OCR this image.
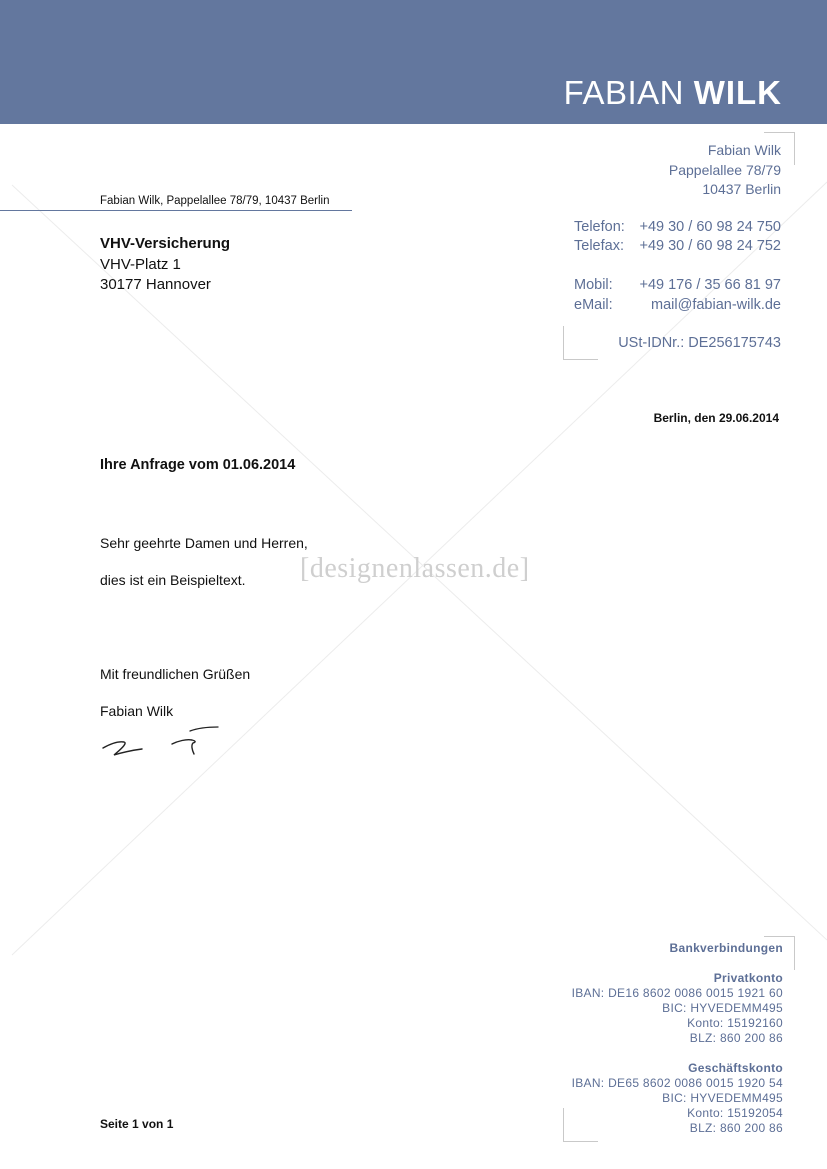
[designenlassen.de]
FABIAN WILK
Fabian Wilk
Pappelallee 78/79
10437 Berlin
Telefon: +49 30 / 60 98 24 750
Telefax: +49 30 / 60 98 24 752
Mobil: +49 176 / 35 66 81 97
eMail:	mail@fabian-wilk.de
USt-IDNr.: DE256175743
Fabian Wilk, Pappelallee 78/79, 10437 Berlin
VHV-Versicherung
VHV-Platz 1
30177 Hannover
Berlin, den 29.06.2014
Ihre Anfrage vom 01.06.2014
Sehr geehrte Damen und Herren,
dies ist ein Beispieltext.
Mit freundlichen Grüßen
Fabian Wilk
Bankverbindungen
Privatkonto
IBAN: DE16 8602 0086 0015 1921 60
BIC: HYVEDEMM495
Konto: 15192160
BLZ: 860 200 86
Geschäftskonto
IBAN: DE65 8602 0086 0015 1920 54
BIC: HYVEDEMM495
Konto: 15192054
BLZ: 860 200 86
Seite 1 von 1
